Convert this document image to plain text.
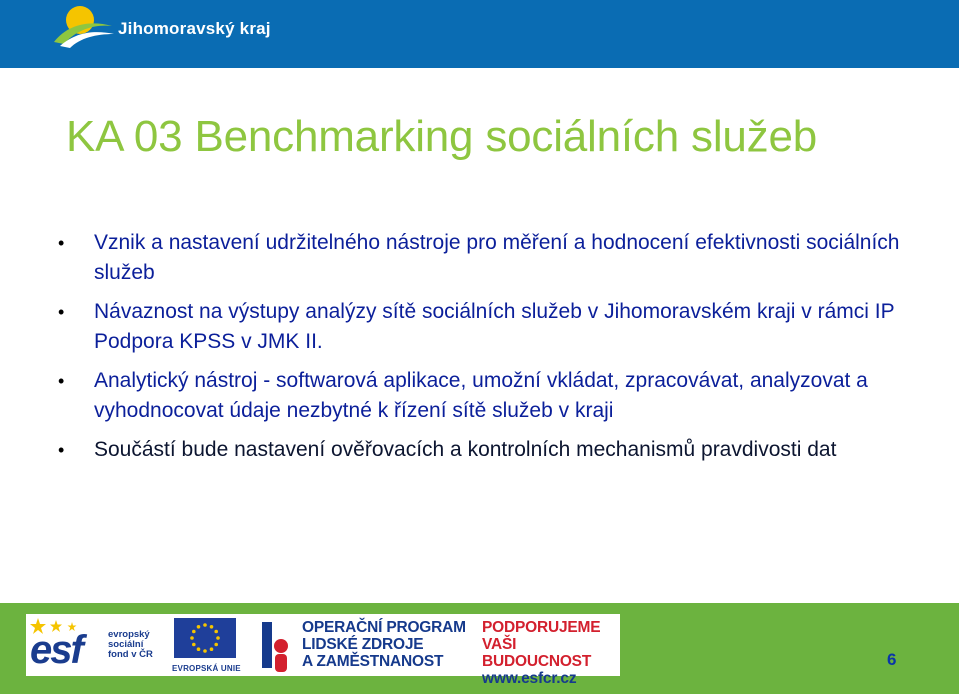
Jihomoravský kraj
KA 03 Benchmarking sociálních služeb
•	Vznik a nastavení udržitelného nástroje pro měření a hodnocení efektivnosti sociálních služeb
•	Návaznost na výstupy analýzy sítě sociálních služeb v Jihomoravském kraji v rámci IP Podpora KPSS v JMK II.
•	Analytický nástroj - softwarová aplikace, umožní vkládat, zpracovávat, analyzovat a vyhodnocovat údaje nezbytné k řízení sítě služeb v kraji
•	Součástí bude nastavení ověřovacích a kontrolních mechanismů pravdivosti dat
esf	evropský
sociální
fond v ČR
EVROPSKÁ UNIE
OPERAČNÍ PROGRAM
LIDSKÉ ZDROJE
A ZAMĚSTNANOST
PODPORUJEME
VAŠI BUDOUCNOST
www.esfcr.cz
6
